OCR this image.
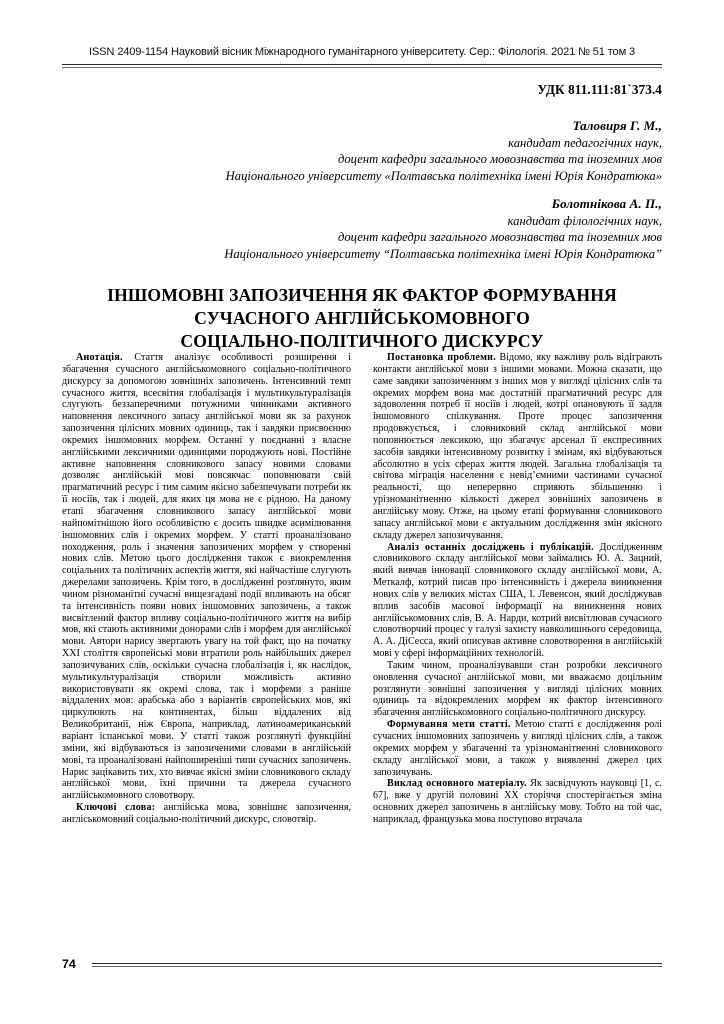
ISSN 2409-1154 Науковий вісник Міжнародного гуманітарного університету. Сер.: Філологія. 2021 № 51 том 3
УДК 811.111:81`373.4
Таловиря Г. М.,
кандидат педагогічних наук,
доцент кафедри загального мовознавства та іноземних мов
Національного університету «Полтавська політехніка імені Юрія Кондратюка»
Болотнікова А. П.,
кандидат філологічних наук,
доцент кафедри загального мовознавства та іноземних мов
Національного університету “Полтавська політехніка імені Юрія Кондратюка”
ІНШОМОВНІ ЗАПОЗИЧЕННЯ ЯК ФАКТОР ФОРМУВАННЯ
СУЧАСНОГО АНГЛІЙСЬКОМОВНОГО
СОЦІАЛЬНО-ПОЛІТИЧНОГО ДИСКУРСУ

Анотація. Стаття аналізує особливості розширення і збагачення сучасного англійськомовного соціально-політичного дискурсу за допомогою зовнішніх запозичень. Інтенсивний темп сучасного життя, всесвітня глобалізація і мультикультуралізація слугують беззаперечними потужними чинниками активного наповнення лексичного запасу англійської мови як за рахунок запозичення цілісних мовних одиниць, так і завдяки присвоєнню окремих іншомовних морфем. Останні у поєднанні з власне англійськими лексичними одиницями породжують нові. Постійне активне наповнення словникового запасу новими словами дозволяє англійській мові повсякчас поповнювати свій прагматичний ресурс і тим самим якісно забезпечувати потреби як її носіїв, так і людей, для яких ця мова не є рідною. На даному етапі збагачення словникового запасу англійської мови найпомітнішою його особливістю є досить швидке асимілювання іншомовних слів і окремих морфем. У статті проаналізовано походження, роль і значення запозичених морфем у створенні нових слів. Метою цього дослідження також є виокремлення соціальних та політичних аспектів життя, які найчастіше слугують джерелами запозичень. Крім того, в дослідженні розглянуто, яким чином різноманітні сучасні вищезгадані події впливають на обсяг та інтенсивність появи нових іншомовних запозичень, а також висвітлений фактор впливу соціально-політичного життя на вибір мов, які стають активними донорами слів і морфем для англійської мови. Автори нарису звертають увагу на той факт, що на початку XXI століття європейські мови втратили роль найбільших джерел запозичуваних слів, оскільки сучасна глобалізація і, як наслідок, мультикультуралізація створили можливість активно використовувати як окремі слова, так і морфеми з раніше віддалених мов: арабська або з варіантів європейських мов, які циркулюють на континентах, більш віддалених від Великобританії, ніж Європа, наприклад, латиноамериканський варіант іспанської мови. У статті також розглянуті функційні зміни, які відбуваються із запозиченими словами в англійській мові, та проаналізовані найпоширеніші типи сучасних запозичень. Нарис зацікавить тих, хто вивчає якісні зміни словникового складу англійської мови, їхні причини та джерела сучасного англійськомовного словотвору.

Ключові слова: англійська мова, зовнішнє запозичення, англіськомовний соціально-політичний дискурс, словотвір.

Постановка проблеми. Відомо, яку важливу роль відіграють контакти англійської мови з іншими мовами. Можна сказати, що саме завдяки запозиченням з інших мов у вигляді цілісних слів та окремих морфем вона має достатній прагматичний ресурс для задоволення потреб її носіїв і людей, котрі опановують її задля іншомовного спілкування. Проте процес запозичення продовжується, і словниковий склад англійської мови поповнюється лексикою, що збагачує арсенал її експресивних засобів завдяки інтенсивному розвитку і змінам, які відбуваються абсолютно в усіх сферах життя людей. Загальна глобалізація та світова міграція населення є невід’ємними частинами сучасної реальності, що неперервно сприяють збільшенню і урізноманітненню кількості джерел зовнішніх запозичень в англійську мову. Отже, на цьому етапі формування словникового запасу англійської мови є актуальним дослідження змін якісного складу джерел запозичування.

Аналіз останніх досліджень і публікацій. Дослідженням словникового складу англійської мови займались Ю. А. Зацний, який вивчав інновації словникового складу англійської мови, А. Меткалф, котрий писав про інтенсивність і джерела виникнення нових слів у великих містах США, І. Левенсон, який досліджував вплив засобів масової інформації на виникнення нових англійськомовних слів, В. А. Нарди, котрий висвітлював сучасного словотворчий процес у галузі захисту навколишнього середовища, А. А. ДіСесса, який описував активне словотворення в англійській мові у сфері інформаційних технологій.

Таким чином, проаналізувавши стан розробки лексичного оновлення сучасної англійської мови, ми вважаємо доцільним розглянути зовнішні запозичення у вигляді цілісних мовних одиниць та відокремлених морфем як фактор інтенсивного збагачення англійськомовного соціально-політичного дискурсу.

Формування мети статті. Метою статті є дослідження ролі сучасних іншомовних запозичень у вигляді цілісних слів, а також окремих морфем у збагаченні та урізноманітненні словникового складу англійської мови, а також у виявленні джерел цих запозичувань.

Виклад основного матеріалу. Як засвідчують науковці [1, с. 67], вже у другій половині XX сторіччя спостерігається зміна основних джерел запозичень в англійську мову. Тобто на той час, наприклад, французька мова поступово втрачала

74
